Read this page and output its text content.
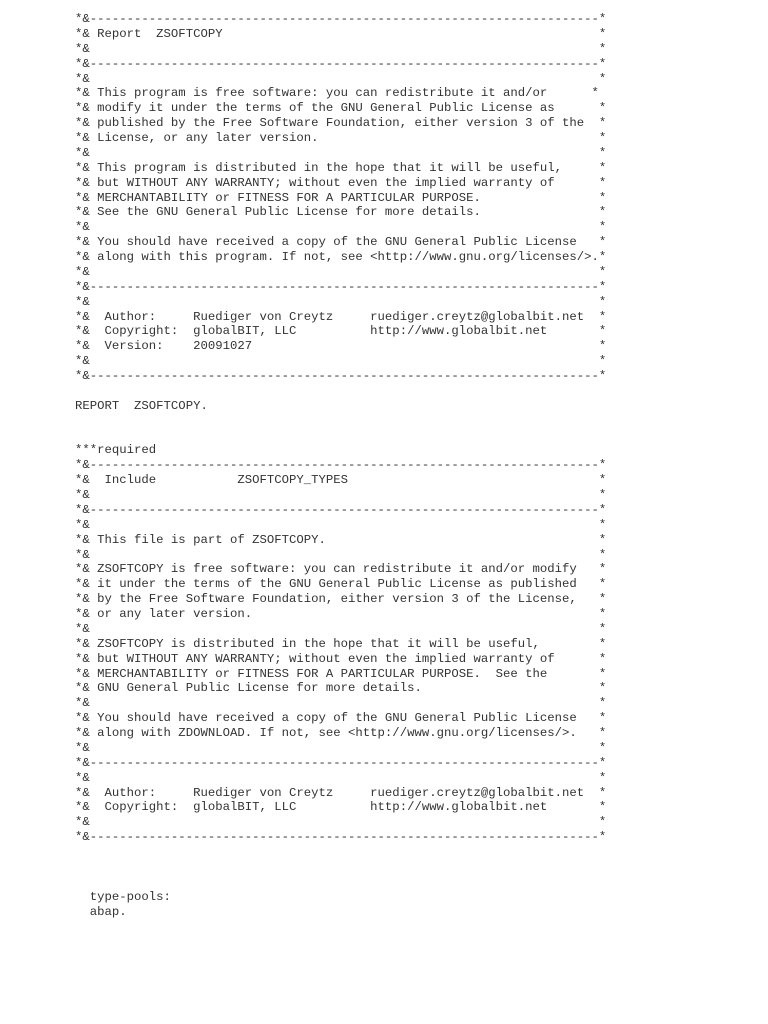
*&---------------------------------------------------------------------*
*& Report  ZSOFTCOPY                                                   *
*&                                                                     *
*&---------------------------------------------------------------------*
*&                                                                     *
*& This program is free software: you can redistribute it and/or      *
*& modify it under the terms of the GNU General Public License as      *
*& published by the Free Software Foundation, either version 3 of the  *
*& License, or any later version.                                      *
*&                                                                     *
*& This program is distributed in the hope that it will be useful,     *
*& but WITHOUT ANY WARRANTY; without even the implied warranty of      *
*& MERCHANTABILITY or FITNESS FOR A PARTICULAR PURPOSE.                *
*& See the GNU General Public License for more details.                *
*&                                                                     *
*& You should have received a copy of the GNU General Public License   *
*& along with this program. If not, see <http://www.gnu.org/licenses/>.*
*&                                                                     *
*&---------------------------------------------------------------------*
*&                                                                     *
*&  Author:     Ruediger von Creytz     ruediger.creytz@globalbit.net  *
*&  Copyright:  globalBIT, LLC          http://www.globalbit.net       *
*&  Version:    20091027                                               *
*&                                                                     *
*&---------------------------------------------------------------------*
REPORT  ZSOFTCOPY.
***required
*&---------------------------------------------------------------------*
*&  Include           ZSOFTCOPY_TYPES                                  *
*&                                                                     *
*&---------------------------------------------------------------------*
*&                                                                     *
*& This file is part of ZSOFTCOPY.                                     *
*&                                                                     *
*& ZSOFTCOPY is free software: you can redistribute it and/or modify   *
*& it under the terms of the GNU General Public License as published   *
*& by the Free Software Foundation, either version 3 of the License,   *
*& or any later version.                                               *
*&                                                                     *
*& ZSOFTCOPY is distributed in the hope that it will be useful,        *
*& but WITHOUT ANY WARRANTY; without even the implied warranty of      *
*& MERCHANTABILITY or FITNESS FOR A PARTICULAR PURPOSE.  See the       *
*& GNU General Public License for more details.                        *
*&                                                                     *
*& You should have received a copy of the GNU General Public License   *
*& along with ZDOWNLOAD. If not, see <http://www.gnu.org/licenses/>.   *
*&                                                                     *
*&---------------------------------------------------------------------*
*&                                                                     *
*&  Author:     Ruediger von Creytz     ruediger.creytz@globalbit.net  *
*&  Copyright:  globalBIT, LLC          http://www.globalbit.net       *
*&                                                                     *
*&---------------------------------------------------------------------*
type-pools:
abap.
